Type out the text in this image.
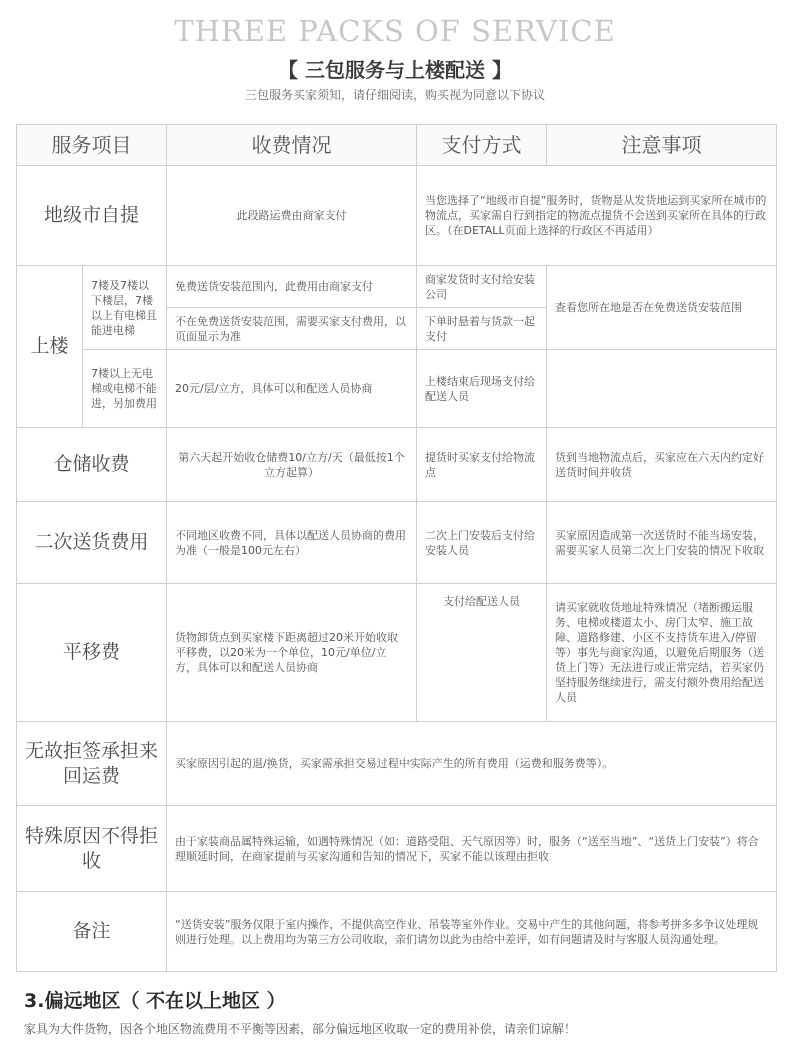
THREE PACKS OF SERVICE
【 三包服务与上楼配送 】
三包服务买家须知，请仔细阅读，购买视为同意以下协议
服务项目		收费情况	支付方式	注意事项
地级市自提		此段路运费由商家支付	当您选择了“地级市自提”服务时，货物是从发货地运到买家所在城市的物流点，买家需自行到指定的物流点提货不会送到买家所在具体的行政区。（在DETALL页面上选择的行政区不再适用）	
上楼	7楼及7楼以下楼层，7楼以上有电梯且能进电梯	免费送货安装范围内，此费用由商家支付	商家发货时支付给安装公司	查看您所在地是否在免费送货安装范围
		不在免费送货安装范围，需要买家支付费用，以页面显示为准	下单时悬着与货款一起支付	
	7楼以上无电梯或电梯不能进，另加费用	20元/层/立方，具体可以和配送人员协商	上楼结束后现场支付给配送人员	
仓储收费		第六天起开始收仓储费10/立方/天（最低按1个立方起算）	提货时买家支付给物流点	货到当地物流点后，买家应在六天内约定好送货时间并收货
二次送货费用		不同地区收费不同，具体以配送人员协商的费用为准（一般是100元左右）	二次上门安装后支付给安装人员	买家原因造成第一次送货时不能当场安装，需要买家人员第二次上门安装的情况下收取
平移费		货物卸货点到买家楼下距离超过20米开始收取平移费，以20米为一个单位，10元/单位/立方，具体可以和配送人员协商	支付给配送人员	请买家就收货地址特殊情况（堵断搬运服务、电梯或楼道太小、房门太窄、施工故障、道路修建、小区不支持货车进入/停留等）事先与商家沟通，以避免后期服务（送货上门等）无法进行或正常完结，若买家仍坚持服务继续进行，需支付额外费用给配送人员
无故拒签承担来回运费		买家原因引起的退/换货，买家需承担交易过程中实际产生的所有费用（运费和服务费等）。		
特殊原因不得拒收		由于家装商品属特殊运输，如遇特殊情况（如：道路受阻、天气原因等）时，服务（“送至当地”、“送货上门安装”）将合理顺延时间，在商家提前与买家沟通和告知的情况下，买家不能以该理由拒收		
备注		“送货安装”服务仅限于室内操作，不提供高空作业、吊装等室外作业。交易中产生的其他问题，将参考拼多多争议处理规则进行处理。以上费用均为第三方公司收取，亲们请勿以此为由给中差评，如有问题请及时与客服人员沟通处理。		
3.偏远地区（ 不在以上地区 ）
家具为大件货物，因各个地区物流费用不平衡等因素，部分偏远地区收取一定的费用补偿，请亲们谅解！
